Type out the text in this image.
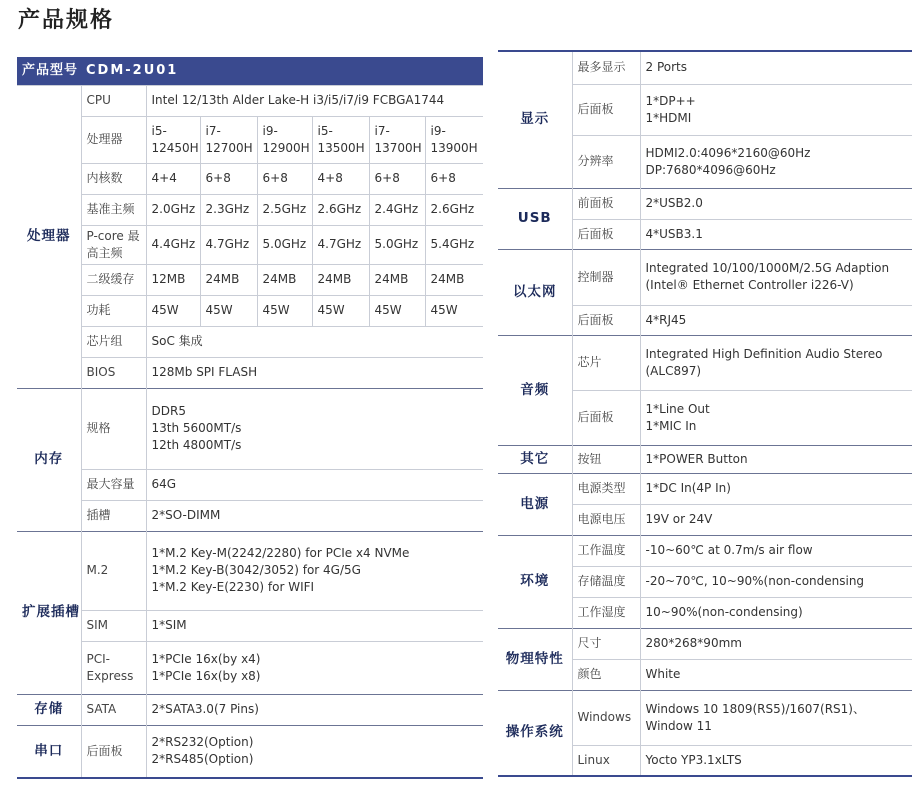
产品规格
产品型号	CDM-2U01						
处理器	CPU	Intel 12/13th Alder Lake-H i3/i5/i7/i9 FCBGA1744					
	处理器	i5-12450H	i7-12700H	i9-12900H	i5-13500H	i7-13700H	i9-13900H
	内核数	4+4	6+8	6+8	4+8	6+8	6+8
	基准主频	2.0GHz	2.3GHz	2.5GHz	2.6GHz	2.4GHz	2.6GHz
	P-core 最高主频	4.4GHz	4.7GHz	5.0GHz	4.7GHz	5.0GHz	5.4GHz
	二级缓存	12MB	24MB	24MB	24MB	24MB	24MB
	功耗	45W	45W	45W	45W	45W	45W
	芯片组	SoC 集成					
	BIOS	128Mb SPI FLASH					
内存	规格	DDR5
13th 5600MT/s
12th 4800MT/s					

	最大容量	64G					
	插槽	2*SO-DIMM					
扩展插槽	M.2	1*M.2 Key-M(2242/2280) for PCIe x4 NVMe
1*M.2 Key-B(3042/3052) for 4G/5G
1*M.2 Key-E(2230) for WIFI					

	SIM	1*SIM					
	PCI-Express	1*PCIe 16x(by x4)
1*PCIe 16x(by x8)					

存储	SATA	2*SATA3.0(7 Pins)					
串口	后面板	2*RS232(Option)
2*RS485(Option)					
显示	最多显示	2 Ports
	后面板	1*DP++
1*HDMI

	分辨率	HDMI2.0:4096*2160@60Hz
DP:7680*4096@60Hz

USB	前面板	2*USB2.0
	后面板	4*USB3.1
以太网	控制器	Integrated 10/100/1000M/2.5G Adaption
(Intel® Ethernet Controller i226-V)

	后面板	4*RJ45
音频	芯片	Integrated High Definition Audio Stereo
(ALC897)

	后面板	1*Line Out
1*MIC In

其它	按钮	1*POWER Button
电源	电源类型	1*DC In(4P In)
	电源电压	19V or 24V
环境	工作温度	-10~60℃ at 0.7m/s air flow
	存储温度	-20~70℃, 10~90%(non-condensing
	工作湿度	10~90%(non-condensing)
物理特性	尺寸	280*268*90mm
	颜色	White
操作系统	Windows	Windows 10 1809(RS5)/1607(RS1)、
Window 11

	Linux	Yocto YP3.1xLTS
